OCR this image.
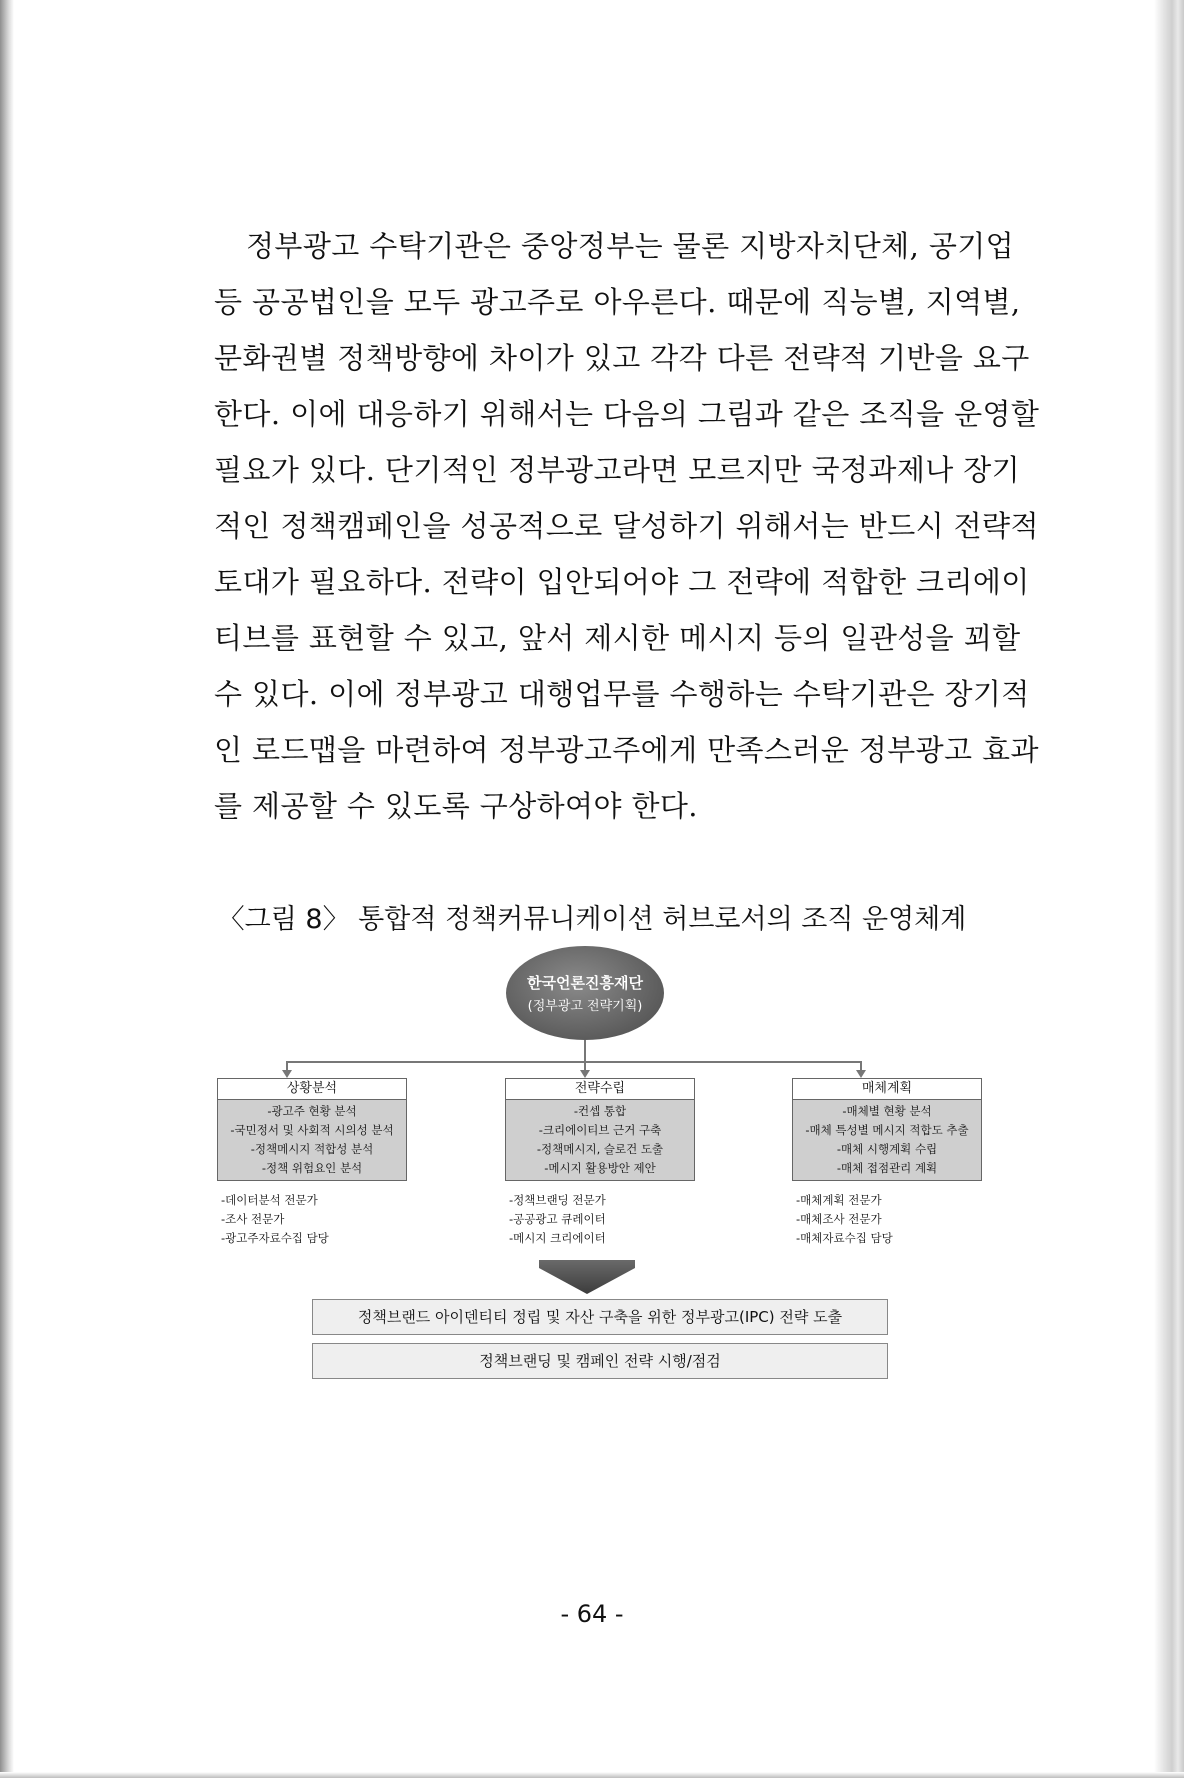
정부광고 수탁기관은 중앙정부는 물론 지방자치단체, 공기업

등 공공법인을 모두 광고주로 아우른다. 때문에 직능별, 지역별,

문화권별 정책방향에 차이가 있고 각각 다른 전략적 기반을 요구

한다. 이에 대응하기 위해서는 다음의 그림과 같은 조직을 운영할

필요가 있다. 단기적인 정부광고라면 모르지만 국정과제나 장기

적인 정책캠페인을 성공적으로 달성하기 위해서는 반드시 전략적

토대가 필요하다. 전략이 입안되어야 그 전략에 적합한 크리에이

티브를 표현할 수 있고, 앞서 제시한 메시지 등의 일관성을 꾀할

수 있다. 이에 정부광고 대행업무를 수행하는 수탁기관은 장기적

인 로드맵을 마련하여 정부광고주에게 만족스러운 정부광고 효과

를 제공할 수 있도록 구상하여야 한다.

〈그림 8〉 통합적 정책커뮤니케이션 허브로서의 조직 운영체계
한국언론진흥재단
(정부광고 전략기획)
상황분석
-광고주 현황 분석
-국민정서 및 사회적 시의성 분석
-정책메시지 적합성 분석
-정책 위험요인 분석
-데이터분석 전문가
-조사 전문가
-광고주자료수집 담당
전략수립
-컨셉 통합
-크리에이티브 근거 구축
-정책메시지, 슬로건 도출
-메시지 활용방안 제안
-정책브랜딩 전문가
-공공광고 큐레이터
-메시지 크리에이터
매체계획
-매체별 현황 분석
-매체 특성별 메시지 적합도 추출
-매체 시행계획 수립
-매체 접점관리 계획
-매체계획 전문가
-매체조사 전문가
-매체자료수집 담당
정책브랜드 아이덴티티 정립 및 자산 구축을 위한 정부광고(IPC) 전략 도출
정책브랜딩 및 캠페인 전략 시행/점검
- 64 -
